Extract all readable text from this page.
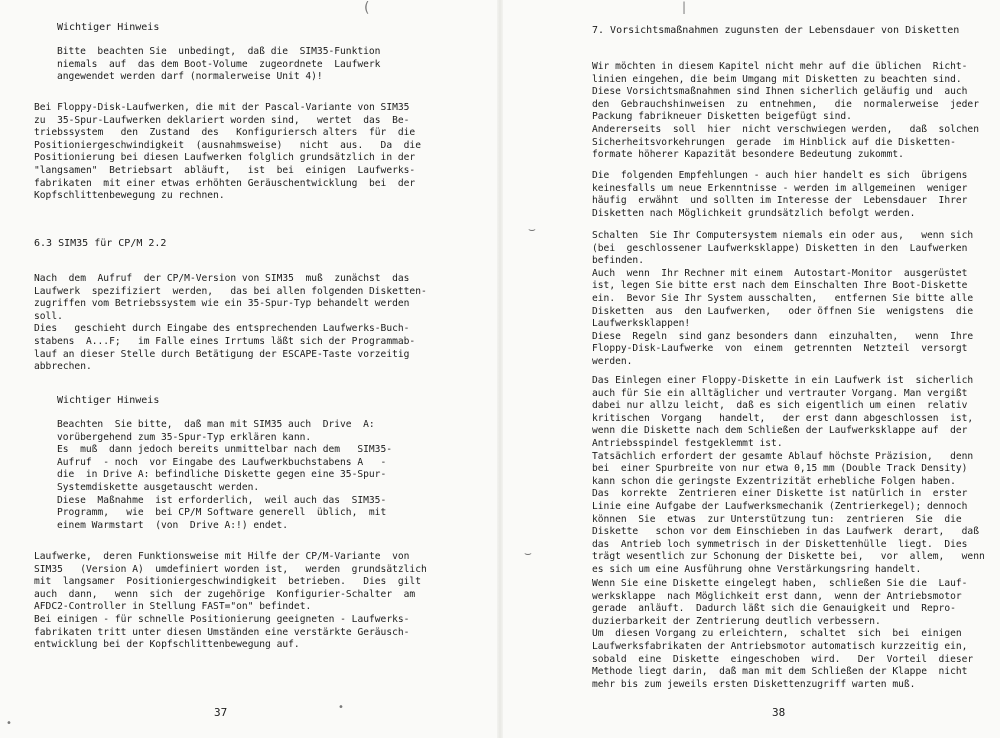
Wichtiger Hinweis
Bitte  beachten Sie  unbedingt,  daß die  SIM35-Funktion
niemals  auf  das dem Boot-Volume  zugeordnete  Laufwerk
angewendet werden darf (normalerweise Unit 4)!
Bei Floppy-Disk-Laufwerken, die mit der Pascal-Variante von SIM35
zu  35-Spur-Laufwerken deklariert worden sind,   wertet  das  Be-
triebssystem   den  Zustand  des   Konfiguriersch alters  für  die
Positioniergeschwindigkeit  (ausnahmsweise)   nicht  aus.   Da  die
Positionierung bei diesen Laufwerken folglich grundsätzlich in der
"langsamen"  Betriebsart  abläuft,   ist  bei  einigen  Laufwerks-
fabrikaten  mit einer etwas erhöhten Geräuschentwicklung  bei  der
Kopfschlittenbewegung zu rechnen.
6.3 SIM35 für CP/M 2.2
Nach  dem  Aufruf  der CP/M-Version von SIM35  muß  zunächst  das
Laufwerk  spezifiziert  werden,   das bei allen folgenden Disketten-
zugriffen vom Betriebssystem wie ein 35-Spur-Typ behandelt werden
soll.
Dies   geschieht durch Eingabe des entsprechenden Laufwerks-Buch-
stabens  A...F;   im Falle eines Irrtums läßt sich der Programmab-
lauf an dieser Stelle durch Betätigung der ESCAPE-Taste vorzeitig
abbrechen.
Wichtiger Hinweis
Beachten  Sie bitte,  daß man mit SIM35 auch  Drive  A:
vorübergehend zum 35-Spur-Typ erklären kann.
Es  muß  dann jedoch bereits unmittelbar nach dem   SIM35-
Aufruf  - noch  vor Eingabe des Laufwerkbuchstabens A   -
die  in Drive A: befindliche Diskette gegen eine 35-Spur-
Systemdiskette ausgetauscht werden.
Diese  Maßnahme  ist erforderlich,  weil auch das  SIM35-
Programm,   wie  bei CP/M Software generell  üblich,  mit
einem Warmstart  (von  Drive A:!) endet.
Laufwerke,  deren Funktionsweise mit Hilfe der CP/M-Variante  von
SIM35   (Version A)  umdefiniert worden ist,   werden  grundsätzlich
mit  langsamer  Positioniergeschwindigkeit  betrieben.   Dies  gilt
auch  dann,   wenn  sich  der zugehörige  Konfigurier-Schalter  am
AFDC2-Controller in Stellung FAST="on" befindet.
Bei einigen - für schnelle Positionierung geeigneten - Laufwerks-
fabrikaten tritt unter diesen Umständen eine verstärkte Geräusch-
entwicklung bei der Kopfschlittenbewegung auf.
37
(
•
•
7. Vorsichtsmaßnahmen zugunsten der Lebensdauer von Disketten
Wir möchten in diesem Kapitel nicht mehr auf die üblichen  Richt-
linien eingehen, die beim Umgang mit Disketten zu beachten sind.
Diese Vorsichtsmaßnahmen sind Ihnen sicherlich geläufig und  auch
den  Gebrauchshinweisen  zu  entnehmen,   die  normalerweise  jeder
Packung fabrikneuer Disketten beigefügt sind.
Andererseits  soll  hier  nicht verschwiegen werden,   daß  solchen
Sicherheitsvorkehrungen  gerade  im Hinblick auf die Disketten-
formate höherer Kapazität besondere Bedeutung zukommt.
Die  folgenden Empfehlungen - auch hier handelt es sich  übrigens
keinesfalls um neue Erkenntnisse - werden im allgemeinen  weniger
häufig  erwähnt  und sollten im Interesse der  Lebensdauer  Ihrer
Disketten nach Möglichkeit grundsätzlich befolgt werden.
Schalten  Sie Ihr Computersystem niemals ein oder aus,   wenn sich
(bei  geschlossener Laufwerksklappe) Disketten in den  Laufwerken
befinden.
Auch  wenn  Ihr Rechner mit einem  Autostart-Monitor  ausgerüstet
ist, legen Sie bitte erst nach dem Einschalten Ihre Boot-Diskette
ein.  Bevor Sie Ihr System ausschalten,   entfernen Sie bitte alle
Disketten  aus  den Laufwerken,   oder öffnen Sie  wenigstens  die
Laufwerksklappen!
Diese  Regeln  sind ganz besonders dann  einzuhalten,   wenn  Ihre
Floppy-Disk-Laufwerke  von  einem  getrennten  Netzteil  versorgt
werden.
Das Einlegen einer Floppy-Diskette in ein Laufwerk ist  sicherlich
auch für Sie ein alltäglicher und vertrauter Vorgang. Man vergißt
dabei nur allzu leicht,  daß es sich eigentlich um einen  relativ
kritischen  Vorgang   handelt,   der erst dann abgeschlossen  ist,
wenn die Diskette nach dem Schließen der Laufwerksklappe auf  der
Antriebsspindel festgeklemmt ist.
Tatsächlich erfordert der gesamte Ablauf höchste Präzision,   denn
bei  einer Spurbreite von nur etwa 0,15 mm (Double Track Density)
kann schon die geringste Exzentrizität erhebliche Folgen haben.
Das  korrekte  Zentrieren einer Diskette ist natürlich in  erster
Linie eine Aufgabe der Laufwerksmechanik (Zentrierkegel); dennoch
können  Sie  etwas  zur Unterstützung tun:  zentrieren  Sie  die
Diskette   schon vor dem Einschieben in das Laufwerk  derart,   daß
das  Antrieb loch symmetrisch in der Diskettenhülle  liegt.  Dies
trägt wesentlich zur Schonung der Diskette bei,   vor  allem,   wenn
es sich um eine Ausführung ohne Verstärkungsring handelt.
Wenn Sie eine Diskette eingelegt haben,  schließen Sie die  Lauf-
werksklappe  nach Möglichkeit erst dann,  wenn der Antriebsmotor
gerade  anläuft.  Dadurch läßt sich die Genauigkeit und  Repro-
duzierbarkeit der Zentrierung deutlich verbessern.
Um  diesen Vorgang zu erleichtern,  schaltet  sich  bei  einigen
Laufwerksfabrikaten der Antriebsmotor automatisch kurzzeitig ein,
sobald  eine  Diskette  eingeschoben  wird.   Der  Vorteil  dieser
Methode liegt darin,  daß man mit dem Schließen der Klappe  nicht
mehr bis zum jeweils ersten Diskettenzugriff warten muß.
38
⌣
⌣
|
